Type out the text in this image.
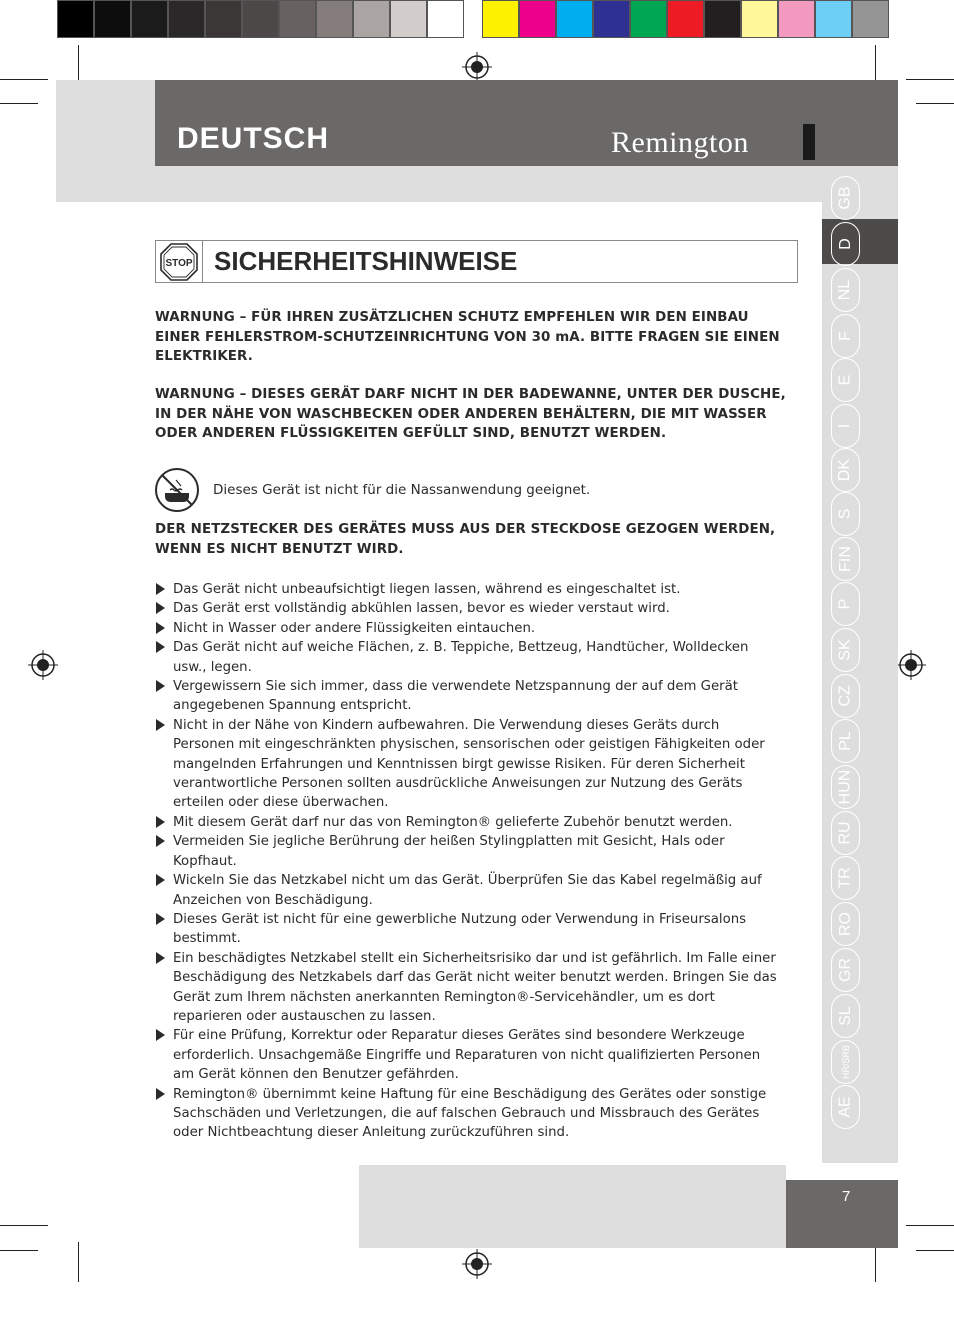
DEUTSCH	Remington
GB
D
NL
F
E
I
DK
S
FIN
P
SK
CZ
PL
HUN
RU
TR
RO
GR
SL
HR/SRB
AE
STOP SICHERHEITSHINWEISE
WARNUNG – FÜR IHREN ZUSÄTZLICHEN SCHUTZ EMPFEHLEN WIR DEN EINBAU EINER FEHLERSTROM-SCHUTZEINRICHTUNG VON 30 mA. BITTE FRAGEN SIE EINEN ELEKTRIKER.
WARNUNG – DIESES GERÄT DARF NICHT IN DER BADEWANNE, UNTER DER DUSCHE, IN DER NÄHE VON WASCHBECKEN ODER ANDEREN BEHÄLTERN, DIE MIT WASSER ODER ANDEREN FLÜSSIGKEITEN GEFÜLLT SIND, BENUTZT WERDEN.
Dieses Gerät ist nicht für die Nassanwendung geeignet.
DER NETZSTECKER DES GERÄTES MUSS AUS DER STECKDOSE GEZOGEN WERDEN, WENN ES NICHT BENUTZT WIRD.
Das Gerät nicht unbeaufsichtigt liegen lassen, während es eingeschaltet ist.
Das Gerät erst vollständig abkühlen lassen, bevor es wieder verstaut wird.
Nicht in Wasser oder andere Flüssigkeiten eintauchen.
Das Gerät nicht auf weiche Flächen, z. B. Teppiche, Bettzeug, Handtücher, Wolldecken usw., legen.
Vergewissern Sie sich immer, dass die verwendete Netzspannung der auf dem Gerät angegebenen Spannung entspricht.
Nicht in der Nähe von Kindern aufbewahren. Die Verwendung dieses Geräts durch Personen mit eingeschränkten physischen, sensorischen oder geistigen Fähigkeiten oder mangelnden Erfahrungen und Kenntnissen birgt gewisse Risiken. Für deren Sicherheit verantwortliche Personen sollten ausdrückliche Anweisungen zur Nutzung des Geräts erteilen oder diese überwachen.
Mit diesem Gerät darf nur das von Remington® gelieferte Zubehör benutzt werden.
Vermeiden Sie jegliche Berührung der heißen Stylingplatten mit Gesicht, Hals oder Kopfhaut.
Wickeln Sie das Netzkabel nicht um das Gerät. Überprüfen Sie das Kabel regelmäßig auf Anzeichen von Beschädigung.
Dieses Gerät ist nicht für eine gewerbliche Nutzung oder Verwendung in Friseursalons bestimmt.
Ein beschädigtes Netzkabel stellt ein Sicherheitsrisiko dar und ist gefährlich. Im Falle einer Beschädigung des Netzkabels darf das Gerät nicht weiter benutzt werden. Bringen Sie das Gerät zum Ihrem nächsten anerkannten Remington®-Servicehändler, um es dort reparieren oder austauschen zu lassen.
Für eine Prüfung, Korrektur oder Reparatur dieses Gerätes sind besondere Werkzeuge erforderlich. Unsachgemäße Eingriffe und Reparaturen von nicht qualifizierten Personen am Gerät können den Benutzer gefährden.
Remington® übernimmt keine Haftung für eine Beschädigung des Gerätes oder sonstige Sachschäden und Verletzungen, die auf falschen Gebrauch und Missbrauch des Gerätes oder Nichtbeachtung dieser Anleitung zurückzuführen sind.
7
